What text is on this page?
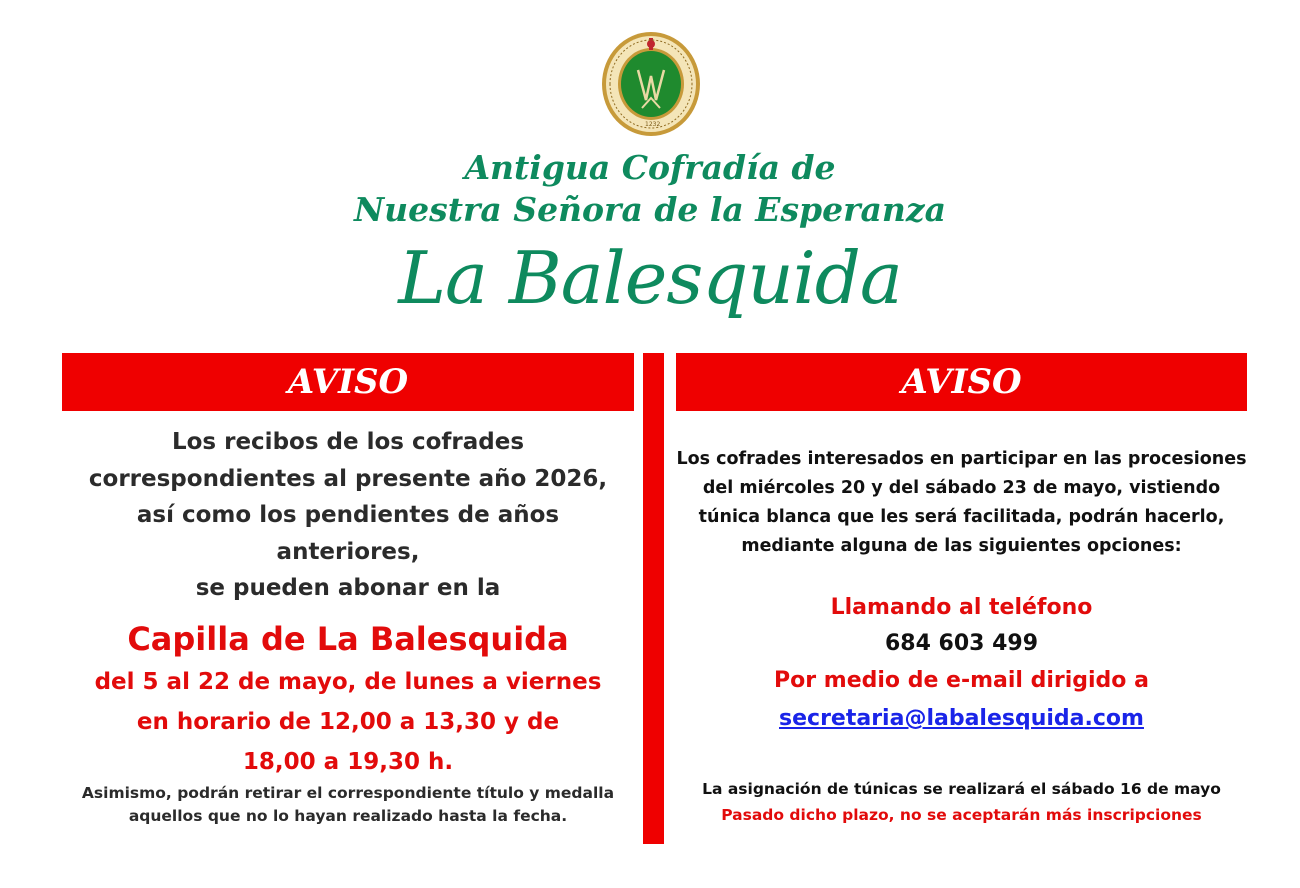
1232
Antigua Cofradía de
Nuestra Señora de la Esperanza
La Balesquida
AVISO	AVISO
Los recibos de los cofrades
correspondientes al presente año 2026,
así como los pendientes de años anteriores,
se pueden abonar en la
Capilla de La Balesquida
del 5 al 22 de mayo, de lunes a viernes
en horario de 12,00 a 13,30 y de
18,00 a 19,30 h.
Asimismo, podrán retirar el correspondiente título y medalla
aquellos que no lo hayan realizado hasta la fecha.
Los cofrades interesados en participar en las procesiones
del miércoles 20 y del sábado 23 de mayo, vistiendo
túnica blanca que les será facilitada, podrán hacerlo,
mediante alguna de las siguientes opciones:
Llamando al teléfono
684 603 499
Por medio de e-mail dirigido a
secretaria@labalesquida.com
La asignación de túnicas se realizará el sábado 16 de mayo
Pasado dicho plazo, no se aceptarán más inscripciones
